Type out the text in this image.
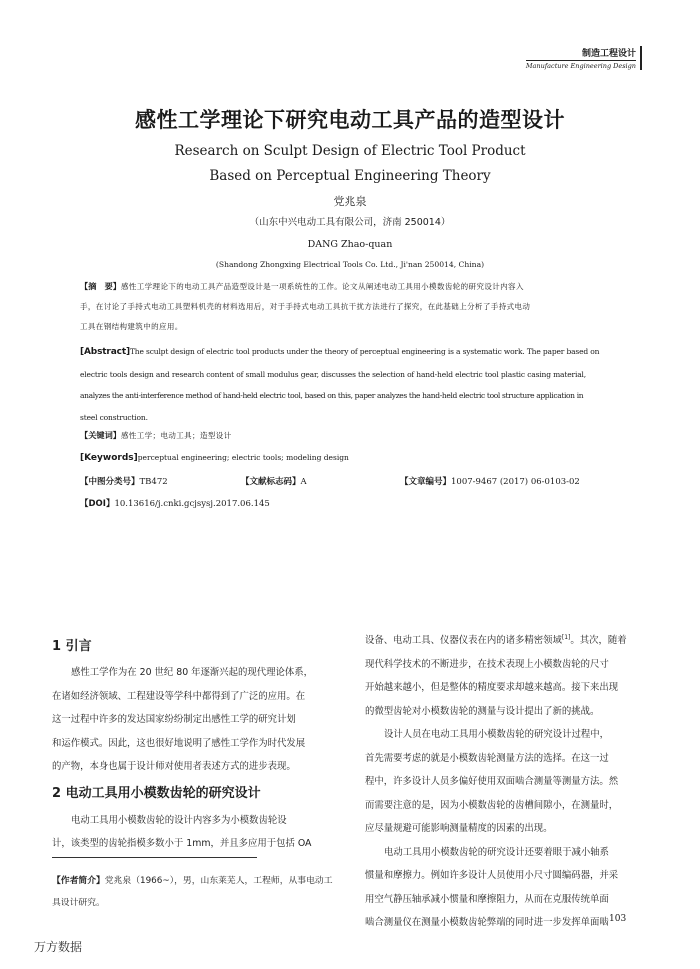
制造工程设计
Manufacture Engineering Design
感性工学理论下研究电动工具产品的造型设计
Research on Sculpt Design of Electric Tool Product
Based on Perceptual Engineering Theory
党兆泉
（山东中兴电动工具有限公司，济南 250014）
DANG Zhao-quan
(Shandong Zhongxing Electrical Tools Co. Ltd., Ji'nan 250014, China)
【摘　要】感性工学理论下的电动工具产品造型设计是一项系统性的工作。论文从阐述电动工具用小模数齿轮的研究设计内容入
手，在讨论了手持式电动工具塑料机壳的材料选用后，对于手持式电动工具抗干扰方法进行了探究，在此基础上分析了手持式电动
工具在钢结构建筑中的应用。
[Abstract]The sculpt design of electric tool products under the theory of perceptual engineering is a systematic work. The paper based on
electric tools design and research content of small modulus gear, discusses the selection of hand-held electric tool plastic casing material,
analyzes the anti-interference method of hand-held electric tool, based on this, paper analyzes the hand-held electric tool structure application in
steel construction.
【关键词】感性工学；电动工具；造型设计
[Keywords]perceptual engineering; electric tools; modeling design
【中图分类号】TB472	【文献标志码】A	【文章编号】1007-9467 (2017) 06-0103-02
【DOI】10.13616/j.cnki.gcjsysj.2017.06.145
1 引言
感性工学作为在 20 世纪 80 年逐渐兴起的现代理论体系，
在诸如经济领域、工程建设等学科中都得到了广泛的应用。在
这一过程中许多的发达国家纷纷制定出感性工学的研究计划
和运作模式。因此，这也很好地说明了感性工学作为时代发展
的产物，本身也属于设计师对使用者表述方式的进步表现。
2 电动工具用小模数齿轮的研究设计
电动工具用小模数齿轮的设计内容多为小模数齿轮设
计，该类型的齿轮指模多数小于 1mm，并且多应用于包括 OA
【作者简介】党兆泉（1966~），男，山东莱芜人，工程师，从事电动工
具设计研究。
设备、电动工具、仪器仪表在内的诸多精密领域[1]。其次，随着
现代科学技术的不断进步，在技术表现上小模数齿轮的尺寸
开始越来越小，但是整体的精度要求却越来越高。接下来出现
的微型齿轮对小模数齿轮的测量与设计提出了新的挑战。
设计人员在电动工具用小模数齿轮的研究设计过程中，
首先需要考虑的就是小模数齿轮测量方法的选择。在这一过
程中，许多设计人员多偏好使用双面啮合测量等测量方法。然
而需要注意的是，因为小模数齿轮的齿槽间隙小，在测量时，
应尽量规避可能影响测量精度的因素的出现。
电动工具用小模数齿轮的研究设计还要着眼于减小轴系
惯量和摩擦力。例如许多设计人员使用小尺寸圆编码器，并采
用空气静压轴承减小惯量和摩擦阻力，从而在克服传统单面
啮合测量仪在测量小模数齿轮弊端的同时进一步发挥单面啮 103
万方数据
